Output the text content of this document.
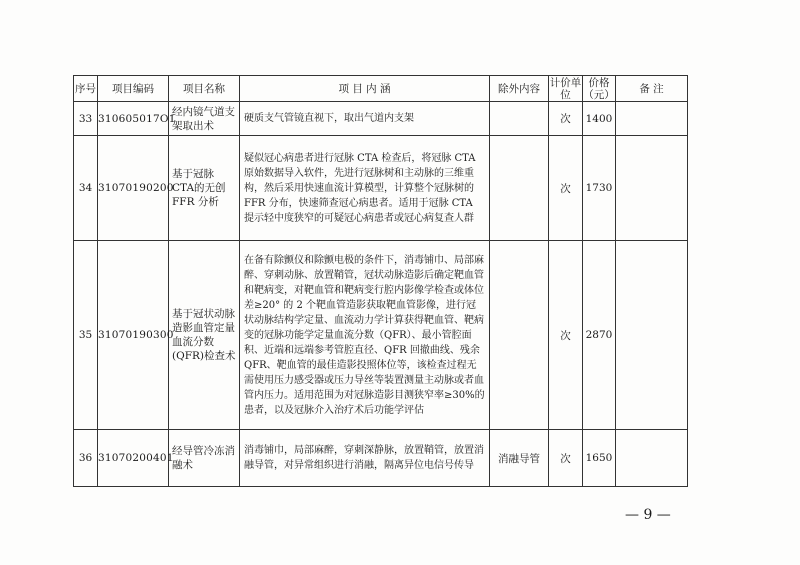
序号	项目编码	项目名称	项 目 内 涵	除外内容	计价单位	价格（元）	备 注
33	310605017O1	经内镜气道支架取出术	硬质支气管镜直视下，取出气道内支架		次	1400	
34	31070190200	基于冠脉 CTA的无创 FFR 分析	疑似冠心病患者进行冠脉 CTA 检查后，将冠脉 CTA 原始数据导入软件，先进行冠脉树和主动脉的三维重构，然后采用快速血流计算模型，计算整个冠脉树的 FFR 分布，快速筛查冠心病患者。适用于冠脉 CTA 提示轻中度狭窄的可疑冠心病患者或冠心病复查人群		次	1730	
35	31070190300	基于冠状动脉造影血管定量血流分数(QFR)检查术	在备有除颤仪和除颤电极的条件下，消毒铺巾、局部麻醉、穿刺动脉、放置鞘管，冠状动脉造影后确定靶血管和靶病变，对靶血管和靶病变行腔内影像学检查或体位差≥20° 的 2 个靶血管造影获取靶血管影像，进行冠状动脉结构学定量、血流动力学计算获得靶血管、靶病变的冠脉功能学定量血流分数（QFR）、最小管腔面积、近端和远端参考管腔直径、QFR 回撤曲线、残余 QFR、靶血管的最佳造影投照体位等，该检查过程无需使用压力感受器或压力导丝等装置测量主动脉或者血管内压力。适用范围为对冠脉造影目测狭窄率≥30%的患者，以及冠脉介入治疗术后功能学评估		次	2870	
36	31070200401	经导管冷冻消融术	消毒铺巾，局部麻醉，穿刺深静脉，放置鞘管，放置消融导管，对异常组织进行消融，隔离异位电信号传导	消融导管	次	1650	
— 9 —
